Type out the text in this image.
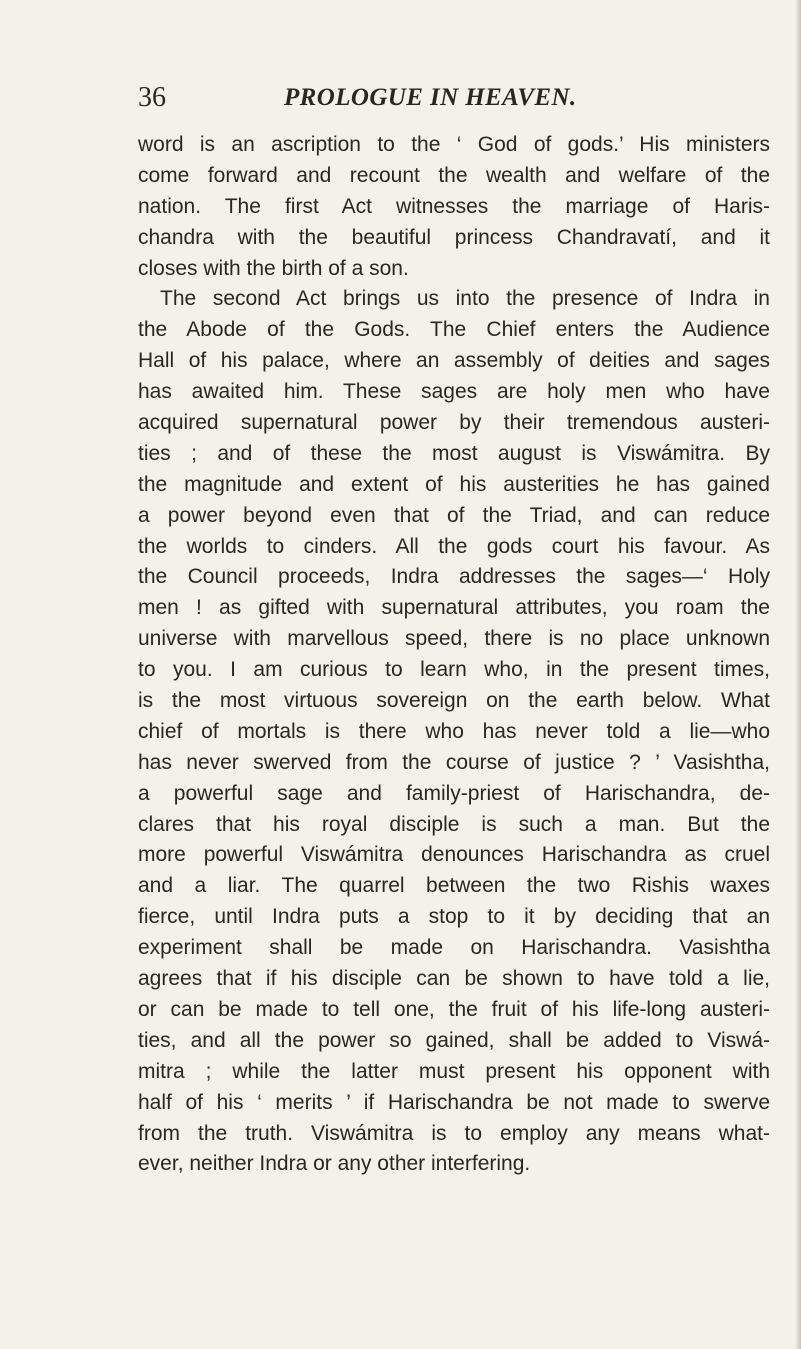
36	PROLOGUE IN HEAVEN.
word is an ascription to the ‘ God of gods.’ His ministers
come forward and recount the wealth and welfare of the
nation. The first Act witnesses the marriage of Haris-
chandra with the beautiful princess Chandravatí, and it
closes with the birth of a son.
The second Act brings us into the presence of Indra in
the Abode of the Gods. The Chief enters the Audience
Hall of his palace, where an assembly of deities and sages
has awaited him. These sages are holy men who have
acquired supernatural power by their tremendous austeri-
ties ; and of these the most august is Viswámitra. By
the magnitude and extent of his austerities he has gained
a power beyond even that of the Triad, and can reduce
the worlds to cinders. All the gods court his favour. As
the Council proceeds, Indra addresses the sages—‘ Holy
men ! as gifted with supernatural attributes, you roam the
universe with marvellous speed, there is no place unknown
to you. I am curious to learn who, in the present times,
is the most virtuous sovereign on the earth below. What
chief of mortals is there who has never told a lie—who
has never swerved from the course of justice ? ’ Vasishtha,
a powerful sage and family-priest of Harischandra, de-
clares that his royal disciple is such a man. But the
more powerful Viswámitra denounces Harischandra as cruel
and a liar. The quarrel between the two Rishis waxes
fierce, until Indra puts a stop to it by deciding that an
experiment shall be made on Harischandra. Vasishtha
agrees that if his disciple can be shown to have told a lie,
or can be made to tell one, the fruit of his life-long austeri-
ties, and all the power so gained, shall be added to Viswá-
mitra ; while the latter must present his opponent with
half of his ‘ merits ’ if Harischandra be not made to swerve
from the truth. Viswámitra is to employ any means what-
ever, neither Indra or any other interfering.
